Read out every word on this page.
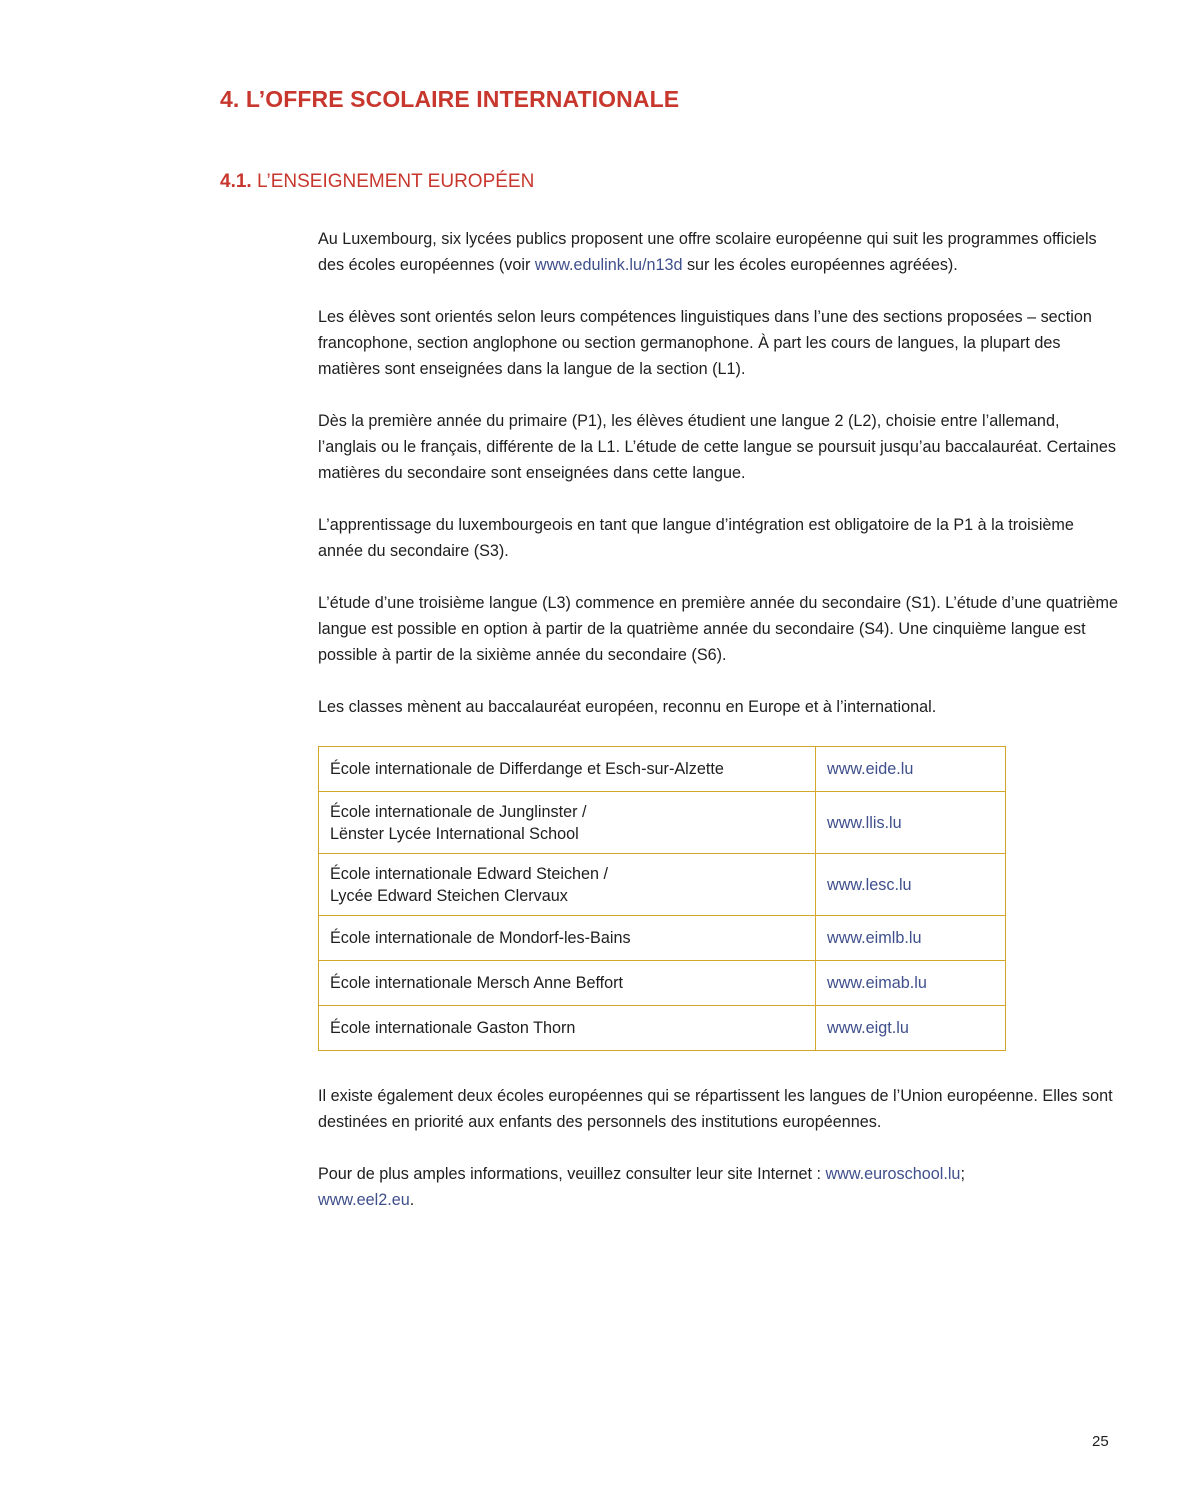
4. L’OFFRE SCOLAIRE INTERNATIONALE
4.1. L’ENSEIGNEMENT EUROPÉEN

Au Luxembourg, six lycées publics proposent une offre scolaire européenne qui suit les programmes officiels des écoles européennes (voir www.edulink.lu/n13d sur les écoles européennes agréées).

Les élèves sont orientés selon leurs compétences linguistiques dans l’une des sections proposées – section francophone, section anglophone ou section germanophone. À part les cours de langues, la plupart des matières sont enseignées dans la langue de la section (L1).

Dès la première année du primaire (P1), les élèves étudient une langue 2 (L2), choisie entre l’allemand, l’anglais ou le français, différente de la L1. L’étude de cette langue se poursuit jusqu’au baccalauréat. Certaines matières du secondaire sont enseignées dans cette langue.

L’apprentissage du luxembourgeois en tant que langue d’intégration est obligatoire de la P1 à la troisième année du secondaire (S3).

L’étude d’une troisième langue (L3) commence en première année du secondaire (S1). L’étude d’une quatrième langue est possible en option à partir de la quatrième année du secondaire (S4). Une cinquième langue est possible à partir de la sixième année du secondaire (S6).

Les classes mènent au baccalauréat européen, reconnu en Europe et à l’international.

École internationale de Differdange et Esch-sur-Alzette	www.eide.lu
École internationale de Junglinster /
Lënster Lycée International School	www.llis.lu
École internationale Edward Steichen /
Lycée Edward Steichen Clervaux	www.lesc.lu
École internationale de Mondorf-les-Bains	www.eimlb.lu
École internationale Mersch Anne Beffort	www.eimab.lu
École internationale Gaston Thorn	www.eigt.lu

Il existe également deux écoles européennes qui se répartissent les langues de l’Union européenne. Elles sont destinées en priorité aux enfants des personnels des institutions européennes.

Pour de plus amples informations, veuillez consulter leur site Internet : www.euroschool.lu;
www.eel2.eu.

25
